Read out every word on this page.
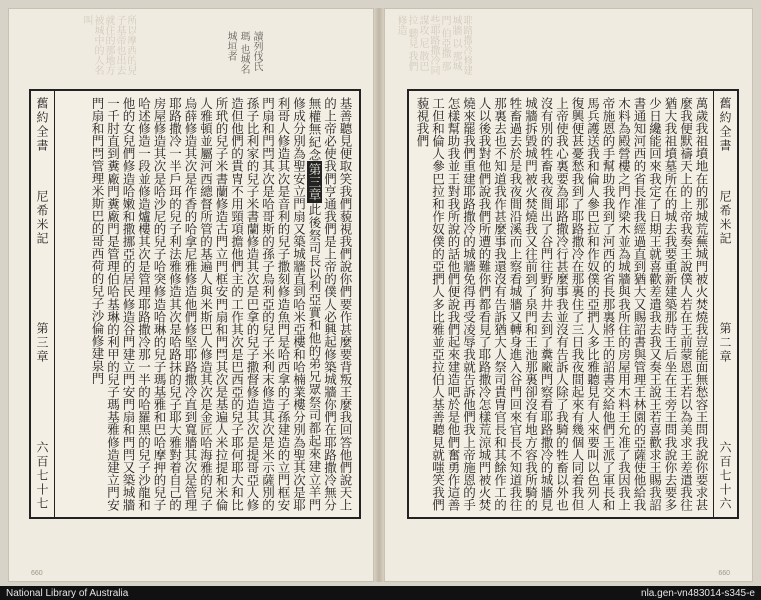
所以摩西的兒子基帝也出去就住的那地方 被城中的人名叫
讀列伐氏瑪 也城名 城垣者
舊約全書
尼希米記
第三章
六百七十七	基善聽見便取笑我們藐視我們說你們要作甚麼要背叛王麼我回答他們說天上的上帝必使我們亨通我們是上帝的僕人必興起修築城牆你們在耶路撒冷無分無權無紀念第三章此後祭司長以利亞實和他的弟兄眾祭司都起來建立羊門修成分別為聖安立門扇又築城牆直到哈米亞樓和哈楠業樓分別為聖其次是耶利哥人修造其次是音利的兒子撒刻修造魚門是哈西拿的子孫建造的立門框安門扇和門閂其次是哈哥斯的孫子烏利亞的兒子米利末修造其次是米示薩別的孫子比利家的兒子米書蘭修造其次是巴拿的兒子撒督修造其次是提哥亞人修造但他們的貴冑不用頸項擔他們主的工作其次是巴西亞的兒子耶何耶大和比所玳的兒子米書蘭修造古門立門框安門扇和門閂其次是基遍人米拉提和米倫人雅頓並屬河西總督所管的基遍人與米斯巴人修造其次是金匠哈海雅的兒子烏薛修造其次是作香的哈拿尼雅修造他們修堅耶路撒冷直到寬牆其次是管理耶路撒冷一半戶珥的兒子利法雅修造其次是哈路抹的兒子耶大雅對着自己的房屋修造其次是哈沙尼的兒子哈突修造哈琳的兒子瑪基雅和巴哈摩押的兒子哈述修造一段並修造爐樓其次是管理耶路撒冷那一半的哈羅黑的兒子沙龍和他的女兒們修造哈嫩和撒挪亞的居民修造谷門建立門安門扇和門閂又築城牆一千肘直到糞廠門糞廠門是管理伯哈基琳的利甲的兒子瑪基雅修造建立門安門扇和門閂管理米斯巴的哥西荷的兒子沙倫修建泉門
660
耶路撒冷修建 城牆 以 那城門 伯亞撒 那些耶路撒冷同謀攻 尼 散巴拉 聽見 我們 修造
舊約全書
尼希米記
第二章
六百七十六
萬歲我祖墳地在的那城荒蕪城門被火焚燒我豈能面無愁容王問我說你要求甚麼我便默禱天上的上帝我奏王說僕人若在王前蒙恩王若以為美求王差遣我往猶大我祖墳墓所在的城去我要重新建築那時王后坐在王旁王問我說你去要多少日纔能回來我定了日期王就喜歡差遣我去我又奏王說王若喜歡求王賜我詔書通知河西的省長准我經過直到猶大又賜詔書與管理王林園的亞薩使他給我木料為殿營樓之門作梁木並為城牆與我所住的房屋用木料王允准了我因我上帝施恩的手幫助我我到了河西的省長那裏將王的詔書交給他們王派了軍長和馬兵護送我和倫人參巴拉和作奴僕的亞捫人多比雅聽見有人來要叫以色列人復興便甚憂愁我到了耶路撒冷在那裏住了三日我夜間起來有幾個人同着我但上帝使我心裏要為耶路撒冷行甚麼事我並沒有告訴人除了我騎的牲畜以外也沒有別的牲畜我夜間出了谷門往野狗井去到了糞廠門察看耶路撒冷的城牆見城牆拆毀城門被火焚燒我又往前到了泉門和王池那裏卻沒有地方容我所騎的牲畜過去於是我夜間沿溪而上察看城牆又轉身進入谷門回來官長不知道我往那裏去也不知道我作甚麼事我還沒有告訴猶大人祭司貴冑官長和其餘作工的人以後我對他們說我們所遭的難你們都看見了耶路撒冷怎樣荒涼城門被火焚燒來罷我們重建耶路撒冷的城牆免得再受凌辱我就告訴他們我上帝施恩的手怎樣幫助我並王對我所說的話他們便說我們起來建造吧於是他們奮勇作這善工但和倫人參巴拉和作奴僕的亞捫人多比雅並亞拉伯人基善聽見就嗤笑我們藐視我們
660
National Library of Australia	nla.gen-vn483014-s345-e
